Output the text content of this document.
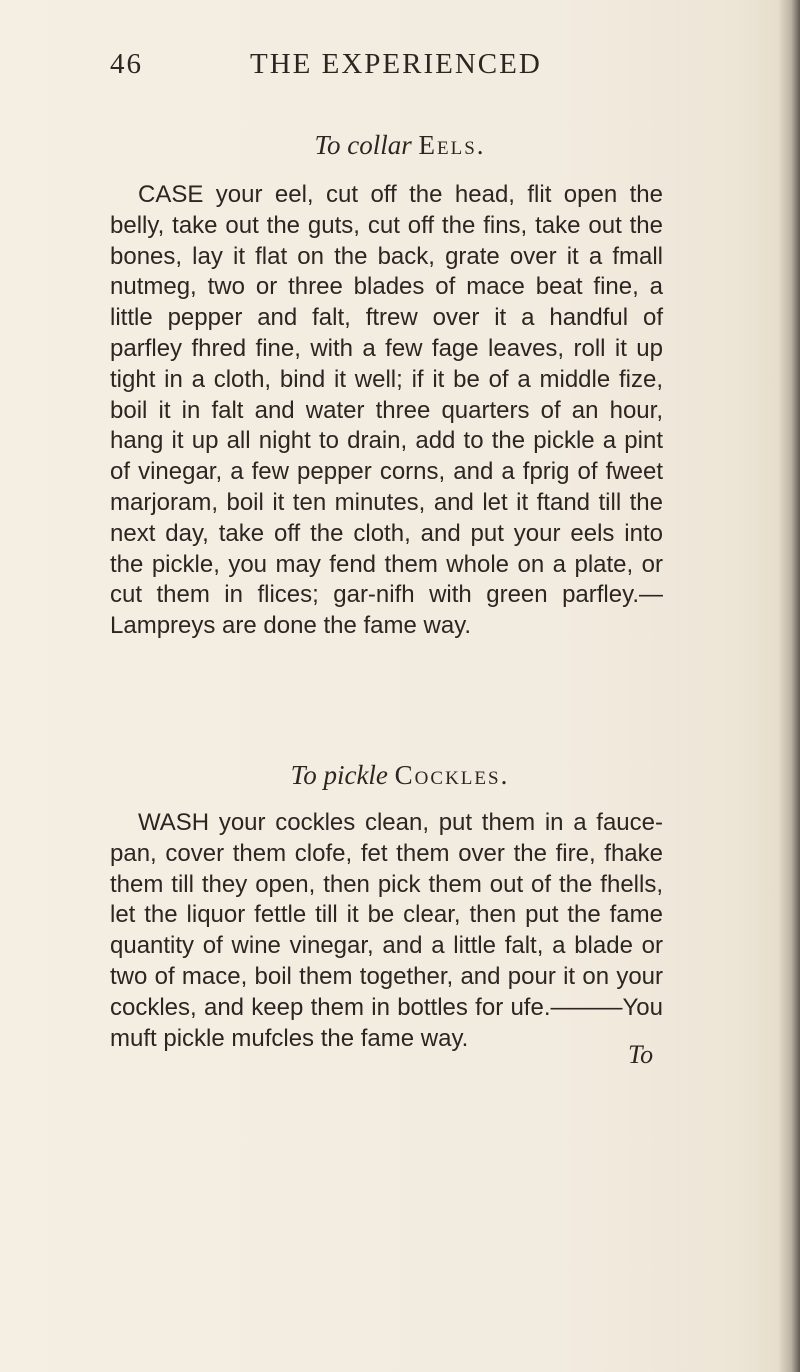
46	THE EXPERIENCED
To collar Eels.

CASE your eel, cut off the head, flit open the belly, take out the guts, cut off the fins, take out the bones, lay it flat on the back, grate over it a fmall nutmeg, two or three blades of mace beat fine, a little pepper and falt, ftrew over it a handful of parfley fhred fine, with a few fage leaves, roll it up tight in a cloth, bind it well; if it be of a middle fize, boil it in falt and water three quarters of an hour, hang it up all night to drain, add to the pickle a pint of vinegar, a few pepper corns, and a fprig of fweet marjoram, boil it ten minutes, and let it ftand till the next day, take off the cloth, and put your eels into the pickle, you may fend them whole on a plate, or cut them in flices; gar-nifh with green parfley.—Lampreys are done the fame way.

To pickle Cockles.

WASH your cockles clean, put them in a fauce-pan, cover them clofe, fet them over the fire, fhake them till they open, then pick them out of the fhells, let the liquor fettle till it be clear, then put the fame quantity of wine vinegar, and a little falt, a blade or two of mace, boil them together, and pour it on your cockles, and keep them in bottles for ufe.———You muft pickle mufcles the fame way.

To
